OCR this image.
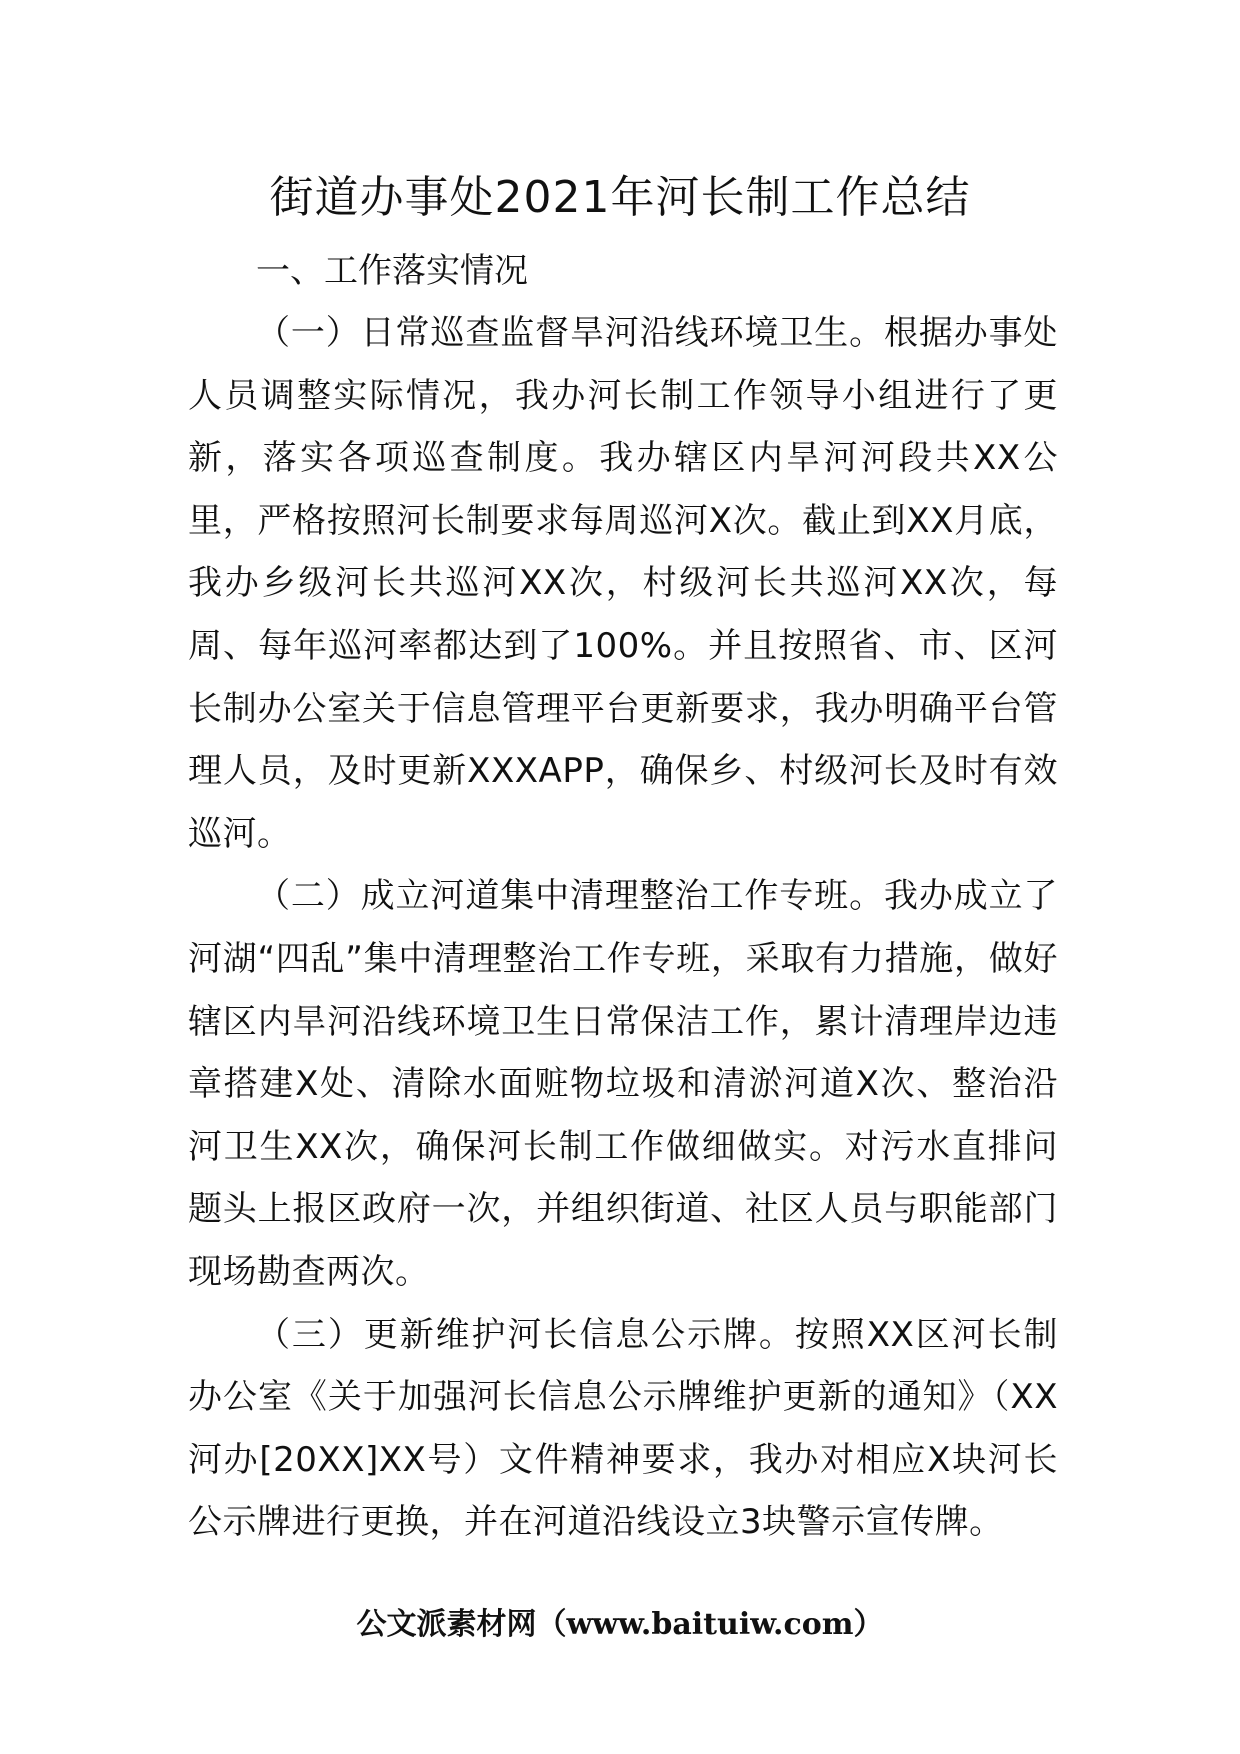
街道办事处2021年河长制工作总结

一、工作落实情况

（一）日常巡查监督旱河沿线环境卫生。根据办事处人员调整实际情况，我办河长制工作领导小组进行了更新，落实各项巡查制度。我办辖区内旱河河段共XX公里，严格按照河长制要求每周巡河X次。截止到XX月底，我办乡级河长共巡河XX次，村级河长共巡河XX次，每周、每年巡河率都达到了100%。并且按照省、市、区河长制办公室关于信息管理平台更新要求，我办明确平台管理人员，及时更新XXXAPP，确保乡、村级河长及时有效巡河。

（二）成立河道集中清理整治工作专班。我办成立了河湖“四乱”集中清理整治工作专班，采取有力措施，做好辖区内旱河沿线环境卫生日常保洁工作，累计清理岸边违章搭建X处、清除水面赃物垃圾和清淤河道X次、整治沿河卫生XX次，确保河长制工作做细做实。对污水直排问题头上报区政府一次，并组织街道、社区人员与职能部门现场勘查两次。

（三）更新维护河长信息公示牌。按照XX区河长制办公室《关于加强河长信息公示牌维护更新的通知》（XX河办[20XX]XX号）文件精神要求，我办对相应X块河长公示牌进行更换，并在河道沿线设立3块警示宣传牌。

公文派素材网（www.baituiw.com）
